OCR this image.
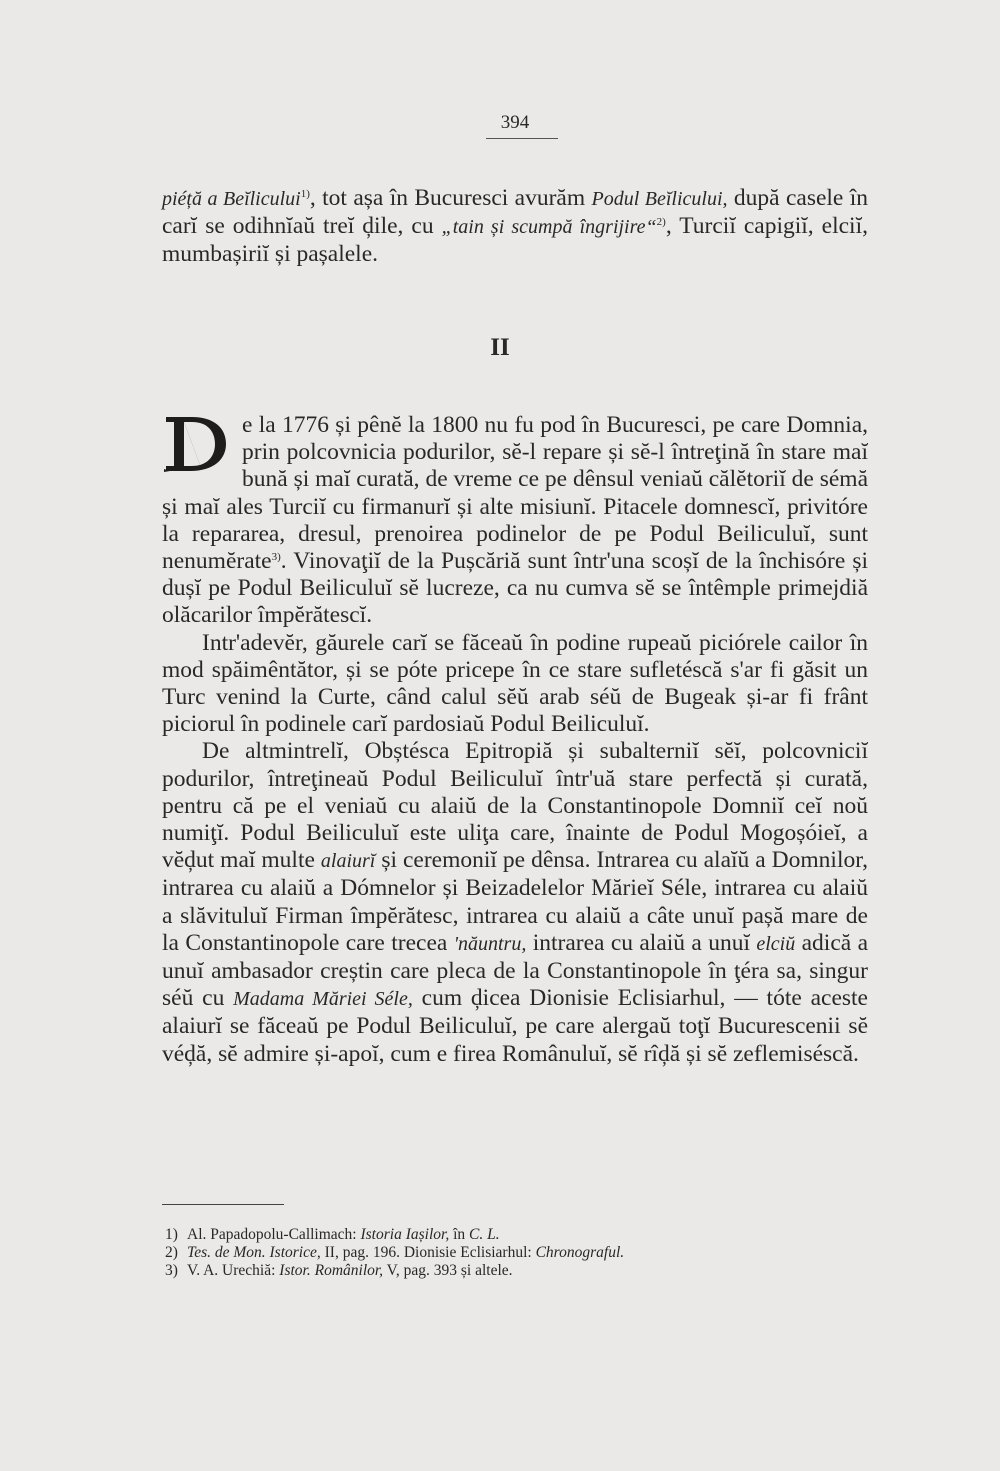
394

piéță a Beĭlicului$^{1)}$, tot așa în Bucuresci avurăm Podul Beĭlicului, după casele în carĭ se odihnĭaŭ treĭ ḑile, cu „tain și scumpă îngrijire“$^{2)}$, Turciĭ capigiĭ, elciĭ, mumbașiriĭ și pașalele.

II

D	e la 1776 și pênĕ la 1800 nu fu pod în Bucuresci, pe care Domnia, prin polcovnicia podurilor, sĕ-l repare și sĕ-l întreţină în stare maĭ bună și maĭ curată, de vreme ce pe dênsul veniaŭ călĕtoriĭ de sémă și maĭ ales Turciĭ cu firmanurĭ și alte misiunĭ. Pitacele domnescĭ, privitóre la repararea, dresul, prenoirea podinelor de pe Podul Beiliculuĭ, sunt nenumĕrate$^{3)}$. Vinovaţiĭ de la Pușcăriă sunt într'una scoșĭ de la închisóre și dușĭ pe Podul Beiliculuĭ sĕ lucreze, ca nu cumva sĕ se întêmple primejdiă olăcarilor împĕrătescĭ.

Intr'adevĕr, găurele carĭ se făceaŭ în podine rupeaŭ piciórele cailor în mod spăimêntător, și se póte pricepe în ce stare sufletéscă s'ar fi găsit un Turc venind la Curte, când calul sĕŭ arab séŭ de Bugeak și-ar fi frânt piciorul în podinele carĭ pardosiaŭ Podul Beiliculuĭ.

De altmintrelĭ, Obștésca Epitropiă și subalterniĭ sĕĭ, polcovniciĭ podurilor, întreţineaŭ Podul Beiliculuĭ într'uă stare perfectă și curată, pentru că pe el veniaŭ cu alaiŭ de la Constantinopole Domniĭ ceĭ noŭ numiţĭ. Podul Beiliculuĭ este uliţa care, înainte de Podul Mogoșóieĭ, a vĕḑut maĭ multe alaiurĭ și ceremoniĭ pe dênsa. Intrarea cu alaĭŭ a Domnilor, intrarea cu alaiŭ a Dómnelor și Beizadelelor Mărieĭ Séle, intrarea cu alaiŭ a slăvituluĭ Firman împĕrătesc, intrarea cu alaiŭ a câte unuĭ pașă mare de la Constantinopole care trecea 'năuntru, intrarea cu alaiŭ a unuĭ elciŭ adică a unuĭ ambasador creștin care pleca de la Constantinopole în ţéra sa, singur séŭ cu Madama Măriei Séle, cum ḑicea Dionisie Eclisiarhul, — tóte aceste alaiurĭ se făceaŭ pe Podul Beiliculuĭ, pe care alergaŭ toţĭ Bucurescenii sĕ véḑă, sĕ admire și-apoĭ, cum e firea Românuluĭ, sĕ rîḑă și sĕ zeflemiséscă.

1) Al. Papadopolu-Callimach: Istoria Iașilor, în C. L.

2) Tes. de Mon. Istorice, II, pag. 196. Dionisie Eclisiarhul: Chronograful.

3) V. A. Urechiă: Istor. Românilor, V, pag. 393 și altele.
